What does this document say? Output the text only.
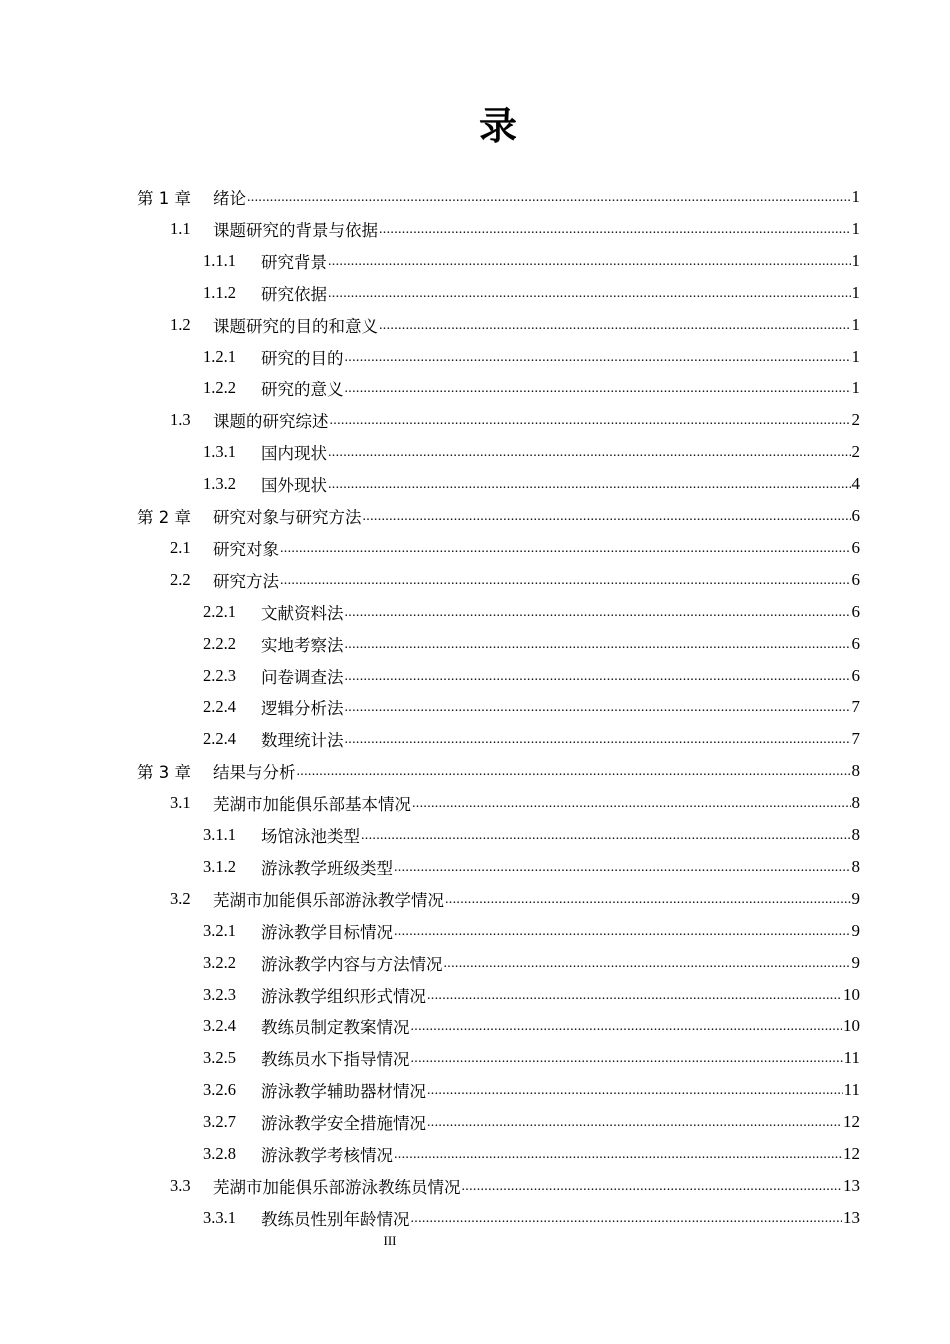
录
第 1 章	绪论 .....	1
1.1	课题研究的背景与依据 .....	1
1.1.1	研究背景 .....	1
1.1.2	研究依据 .....	1
1.2	课题研究的目的和意义 .....	1
1.2.1	研究的目的 .....	1
1.2.2	研究的意义 .....	1
1.3	课题的研究综述 .....	2
1.3.1	国内现状 .....	2
1.3.2	国外现状 .....	4
第 2 章	研究对象与研究方法 .....	6
2.1	研究对象 .....	6
2.2	研究方法 .....	6
2.2.1	文献资料法 .....	6
2.2.2	实地考察法 .....	6
2.2.3	问卷调查法 .....	6
2.2.4	逻辑分析法 .....	7
2.2.4	数理统计法 .....	7
第 3 章	结果与分析 .....	8
3.1	芜湖市加能俱乐部基本情况 .....	8
3.1.1	场馆泳池类型 .....	8
3.1.2	游泳教学班级类型 .....	8
3.2	芜湖市加能俱乐部游泳教学情况 .....	9
3.2.1	游泳教学目标情况 .....	9
3.2.2	游泳教学内容与方法情况 .....	9
3.2.3	游泳教学组织形式情况 .....	10
3.2.4	教练员制定教案情况 .....	10
3.2.5	教练员水下指导情况 .....	11
3.2.6	游泳教学辅助器材情况 .....	11
3.2.7	游泳教学安全措施情况 .....	12
3.2.8	游泳教学考核情况 .....	12
3.3	芜湖市加能俱乐部游泳教练员情况 .....	13
3.3.1	教练员性别年龄情况 .....	13
III
